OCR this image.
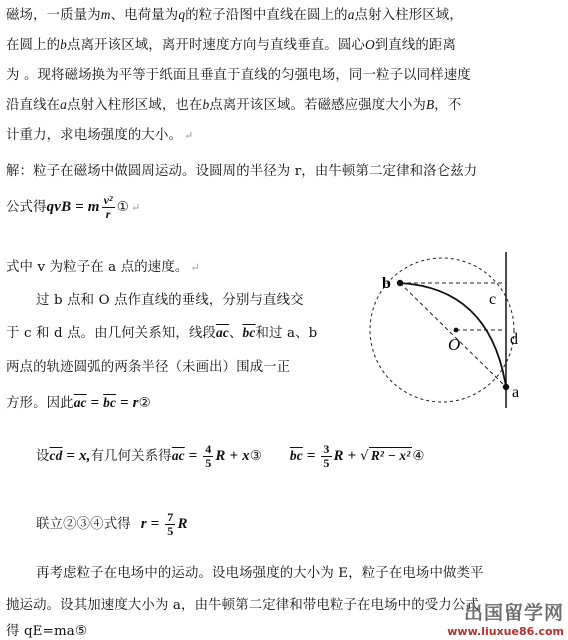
磁场，一质量为m、电荷量为q的粒子沿图中直线在圆上的a点射入柱形区域，
在圆上的b点离开该区域，离开时速度方向与直线垂直。圆心O到直线的距离
为 。现将磁场换为平等于纸面且垂直于直线的匀强电场，同一粒子以同样速度
沿直线在a点射入柱形区域，也在b点离开该区域。若磁感应强度大小为B，不
计重力，求电场强度的大小。 ↵
解：粒子在磁场中做圆周运动。设圆周的半径为 r，由牛顿第二定律和洛仑兹力
公式得qvB = m $\frac{\text{v²}}{r}$ ① ↵
式中 v 为粒子在 a 点的速度。 ↵
过 b 点和 O 点作直线的垂线，分别与直线交
于 c 和 d 点。由几何关系知，线段$\overline{ac}$、$\overline{bc}$和过 a、b
两点的轨迹圆弧的两条半径（未画出）围成一正
方形。因此$\overline{ac} = \overline{bc}$ = r②
设$\overline{cd} = x$,有几何关系得$\overline{ac} = \frac{4}{5}$ R + x③ $\overline{bc} = \frac{3}{5}$ R + √ R² − x² ④
联立②③④式得 $r = \frac{7}{5}$ R
再考虑粒子在电场中的运动。设电场强度的大小为 E，粒子在电场中做类平
抛运动。设其加速度大小为 a，由牛顿第二定律和带电粒子在电场中的受力公式
得 qE=ma⑤
b
c
O	d
a
出国留学网
www.liuxue86.com
